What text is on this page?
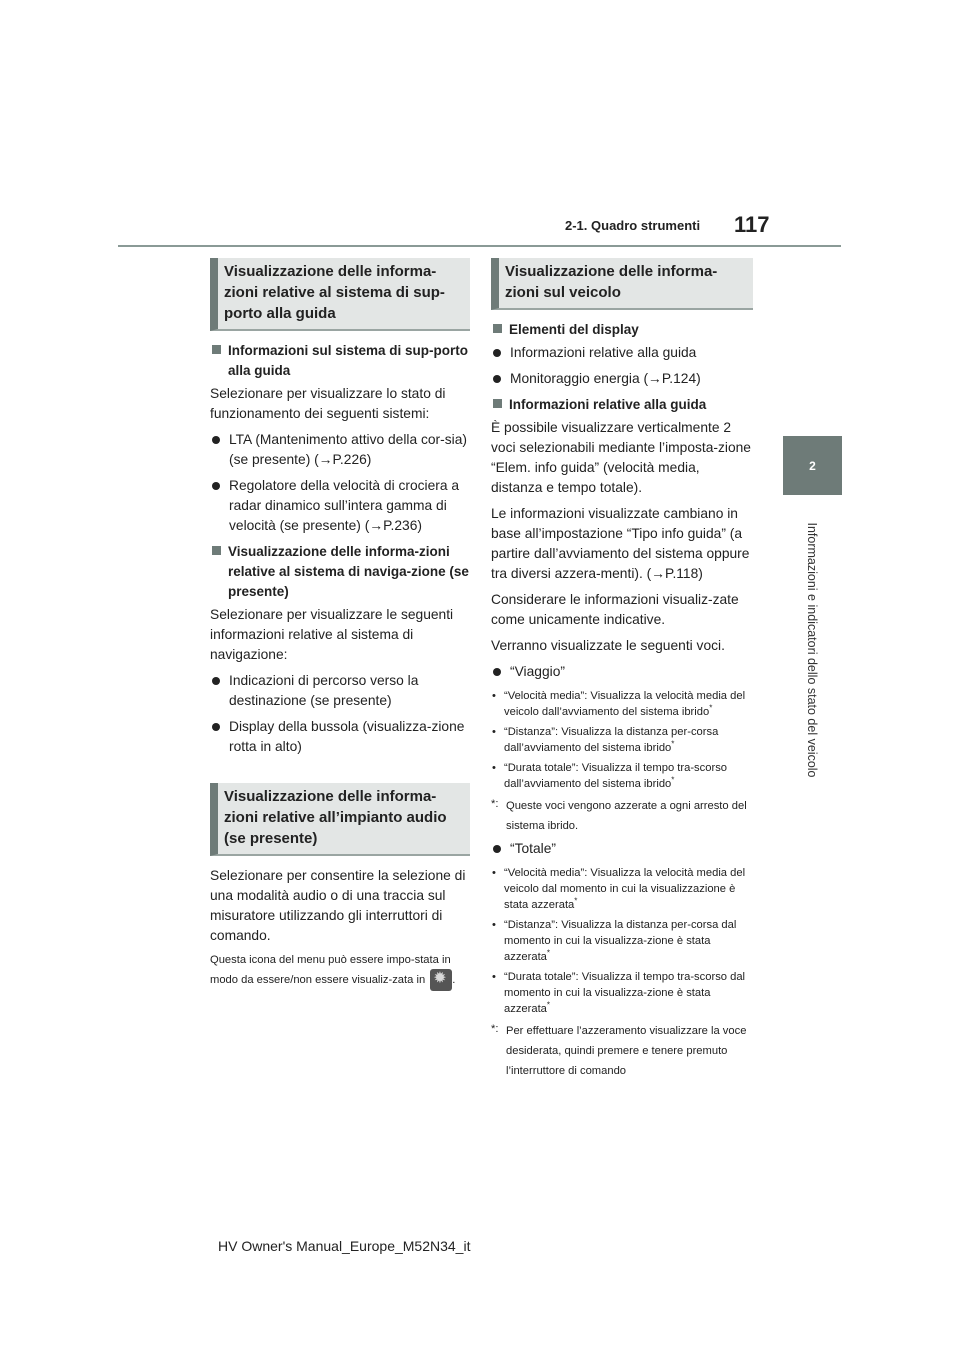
2-1. Quadro strumenti 117
2
Informazioni e indicatori dello stato del veicolo
Visualizzazione delle informa-zioni relative al sistema di sup-porto alla guida
Informazioni sul sistema di sup-porto alla guida

Selezionare per visualizzare lo stato di funzionamento dei seguenti sistemi:

LTA (Mantenimento attivo della cor-sia) (se presente) (→P.226)
Regolatore della velocità di crociera a radar dinamico sull’intera gamma di velocità (se presente) (→P.236)
Visualizzazione delle informa-zioni relative al sistema di naviga-zione (se presente)

Selezionare per visualizzare le seguenti informazioni relative al sistema di navigazione:

Indicazioni di percorso verso la destinazione (se presente)
Display della bussola (visualizza-zione rotta in alto)
Visualizzazione delle informa-zioni relative all’impianto audio (se presente)

Selezionare per consentire la selezione di una modalità audio o di una traccia sul misuratore utilizzando gli interruttori di comando.

Questa icona del menu può essere impo-stata in modo da essere/non essere visualiz-zata in ✹ .

Visualizzazione delle informa-zioni sul veicolo
Elementi del display
Informazioni relative alla guida
Monitoraggio energia (→P.124)
Informazioni relative alla guida

È possibile visualizzare verticalmente 2 voci selezionabili mediante l’imposta-zione “Elem. info guida” (velocità media, distanza e tempo totale).

Le informazioni visualizzate cambiano in base all’impostazione “Tipo info guida” (a partire dall’avviamento del sistema oppure tra diversi azzera-menti). (→P.118)

Considerare le informazioni visualiz-zate come unicamente indicative.

Verranno visualizzate le seguenti voci.

“Viaggio”
• “Velocità media”: Visualizza la velocità media del veicolo dall’avviamento del sistema ibrido*
• “Distanza”: Visualizza la distanza per-corsa dall’avviamento del sistema ibrido*
• “Durata totale”: Visualizza il tempo tra-scorso dall’avviamento del sistema ibrido*
*: Queste voci vengono azzerate a ogni arresto del sistema ibrido.
“Totale”
• “Velocità media”: Visualizza la velocità media del veicolo dal momento in cui la visualizzazione è stata azzerata*
• “Distanza”: Visualizza la distanza per-corsa dal momento in cui la visualizza-zione è stata azzerata*
• “Durata totale”: Visualizza il tempo tra-scorso dal momento in cui la visualizza-zione è stata azzerata*
*: Per effettuare l’azzeramento visualizzare la voce desiderata, quindi premere e tenere premuto l’interruttore di comando
HV Owner's Manual_Europe_M52N34_it
